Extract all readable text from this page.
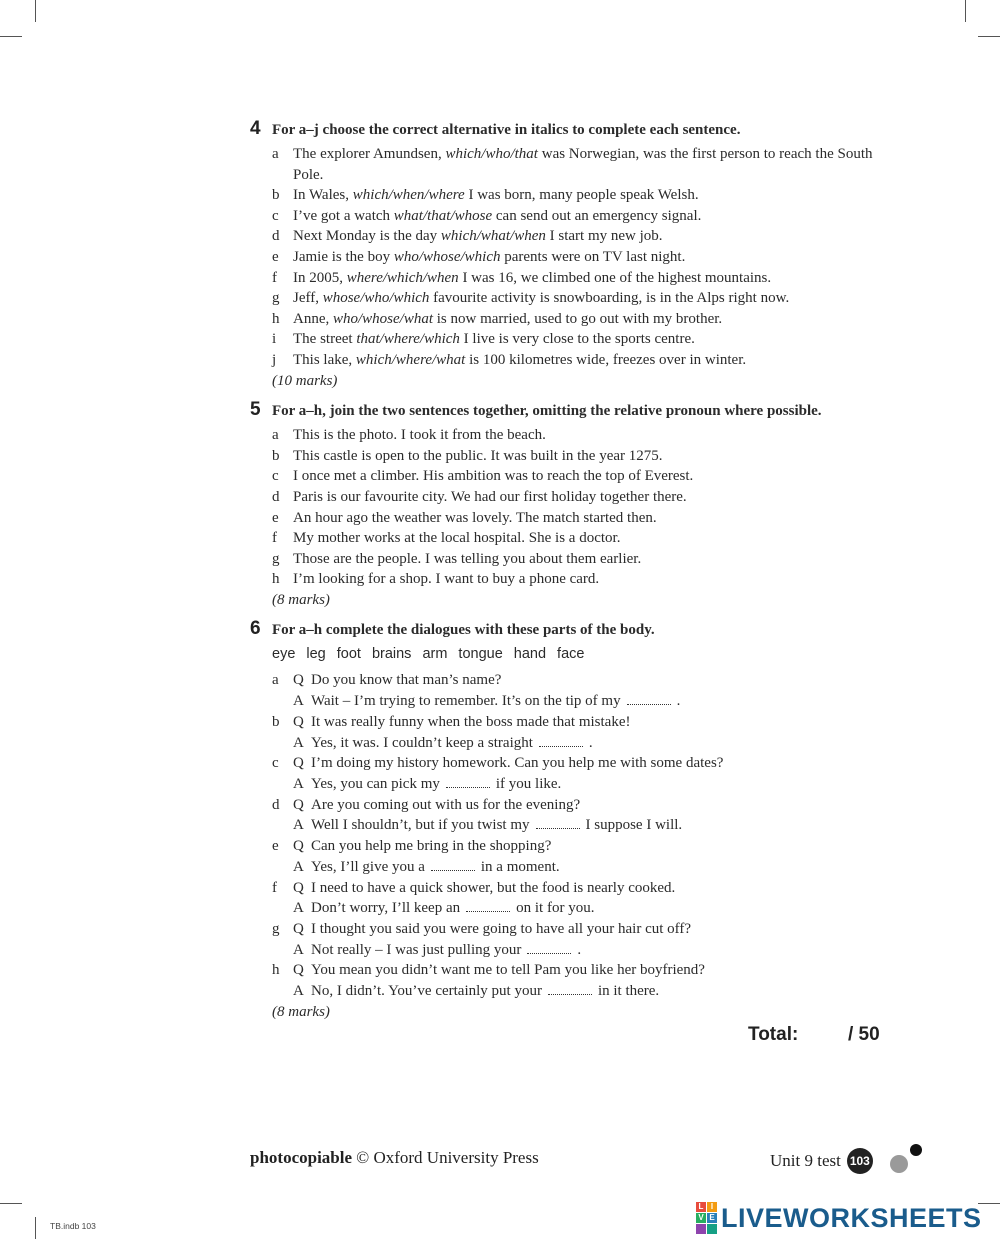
4 For a–j choose the correct alternative in italics to complete each sentence.
a The explorer Amundsen, which/who/that was Norwegian, was the first person to reach the South Pole.
b In Wales, which/when/where I was born, many people speak Welsh.
c I’ve got a watch what/that/whose can send out an emergency signal.
d Next Monday is the day which/what/when I start my new job.
e Jamie is the boy who/whose/which parents were on TV last night.
f	In 2005, where/which/when I was 16, we climbed one of the highest mountains.
g Jeff, whose/who/which favourite activity is snowboarding, is in the Alps right now.
h Anne, who/whose/what is now married, used to go out with my brother.
i	The street that/where/which I live is very close to the sports centre.
j	This lake, which/where/what is 100 kilometres wide, freezes over in winter.
(10 marks)
5 For a–h, join the two sentences together, omitting the relative pronoun where possible.
a This is the photo. I took it from the beach.
b This castle is open to the public. It was built in the year 1275.
c I once met a climber. His ambition was to reach the top of Everest.
d Paris is our favourite city. We had our first holiday together there.
e An hour ago the weather was lovely. The match started then.
f	My mother works at the local hospital. She is a doctor.
g Those are the people. I was telling you about them earlier.
h I’m looking for a shop. I want to buy a phone card.
(8 marks)
6 For a–h complete the dialogues with these parts of the body.
eye leg foot brains arm tongue hand face
a Q Do you know that man’s name?
A Wait – I’m trying to remember. It’s on the tip of my	.
b Q It was really funny when the boss made that mistake!
A Yes, it was. I couldn’t keep a straight	.
c Q I’m doing my history homework. Can you help me with some dates?
A Yes, you can pick my	if you like.
d Q Are you coming out with us for the evening?
A Well I shouldn’t, but if you twist my	I suppose I will.
e Q Can you help me bring in the shopping?
A Yes, I’ll give you a	in a moment.
f	Q I need to have a quick shower, but the food is nearly cooked.
A Don’t worry, I’ll keep an	on it for you.
g Q I thought you said you were going to have all your hair cut off?
A Not really – I was just pulling your	.
h Q You mean you didn’t want me to tell Pam you like her boyfriend?
A No, I didn’t. You’ve certainly put your	in it there.
(8 marks)
Total:	/ 50
photocopiable © Oxford University Press	Unit 9 test 103
TB.indb 103
L I
V E LIVEWORKSHEETS
